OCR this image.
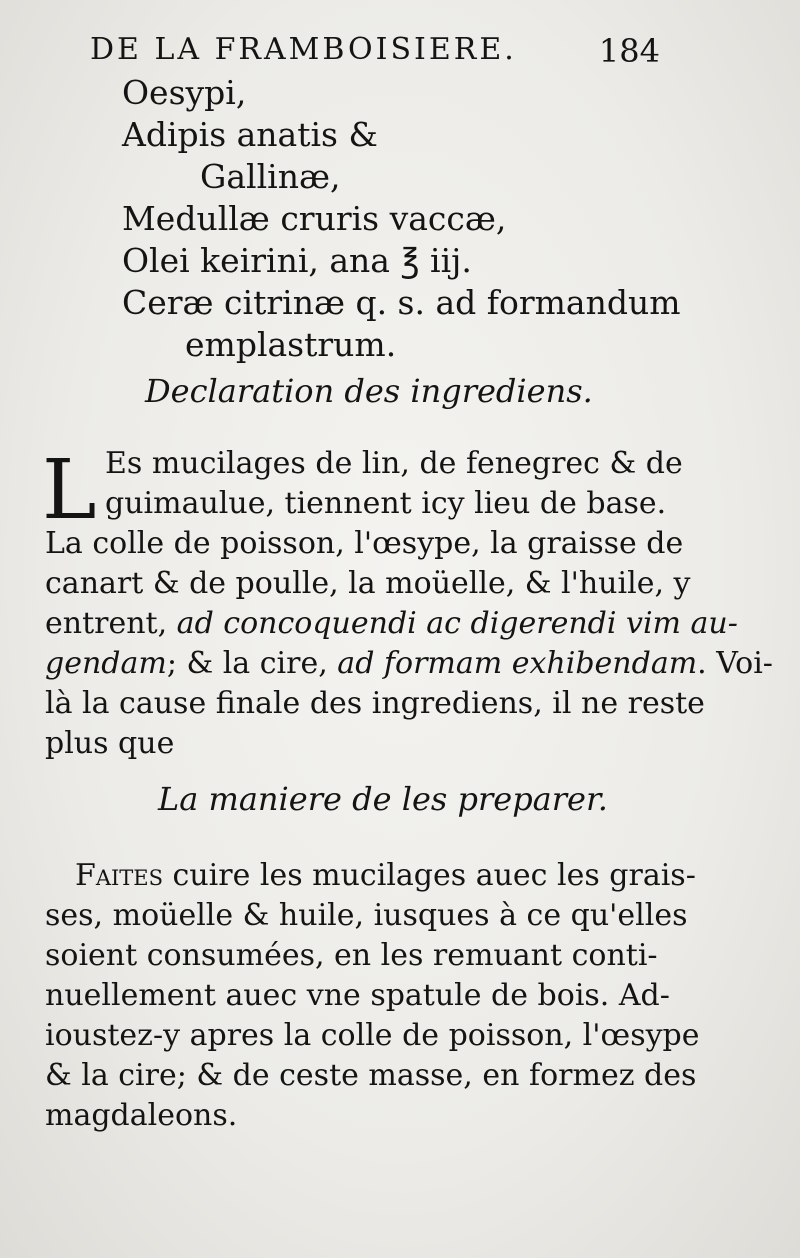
DE LA FRAMBOISIERE.	184
Oesypi,
Adipis anatis &
Gallinæ,
Medullæ cruris vaccæ,
Olei keirini, ana ℥ iij.
Ceræ citrinæ q. s. ad formandum
emplastrum.
Declaration des ingrediens.
L Es mucilages de lin, de fenegrec & de
guimaulue, tiennent icy lieu de base.
La colle de poisson, l'œsype, la graisse de
canart & de poulle, la moüelle, & l'huile, y
entrent, ad concoquendi ac digerendi vim au-
gendam; & la cire, ad formam exhibendam. Voi-
là la cause finale des ingrediens, il ne reste
plus que
La maniere de les preparer.
Faites cuire les mucilages auec les grais-
ses, moüelle & huile, iusques à ce qu'elles
soient consumées, en les remuant conti-
nuellement auec vne spatule de bois. Ad-
ioustez-y apres la colle de poisson, l'œsype
& la cire; & de ceste masse, en formez des
magdaleons.
